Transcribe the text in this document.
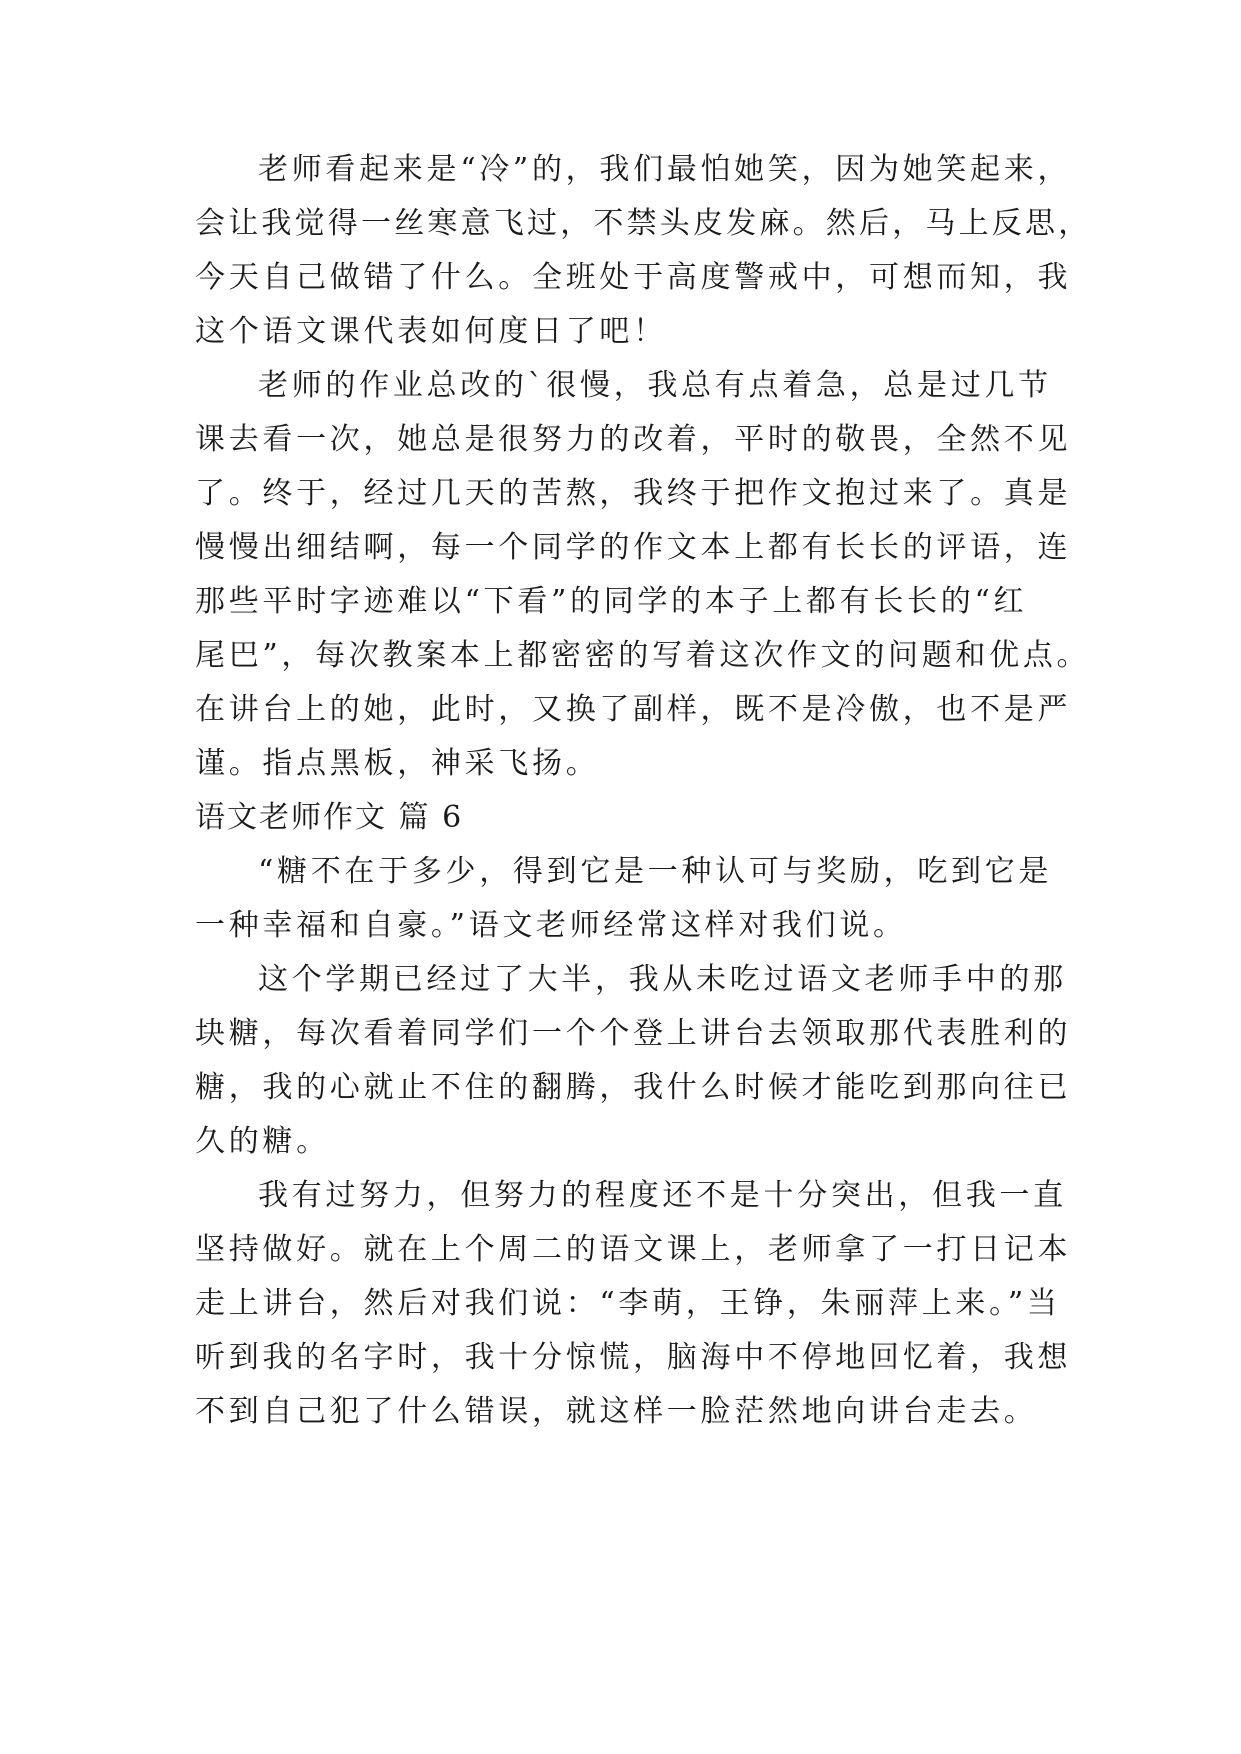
老师看起来是“冷”的，我们最怕她笑，因为她笑起来，
会让我觉得一丝寒意飞过，不禁头皮发麻。然后，马上反思，
今天自己做错了什么。全班处于高度警戒中，可想而知，我
这个语文课代表如何度日了吧！
老师的作业总改的`很慢，我总有点着急，总是过几节
课去看一次，她总是很努力的改着，平时的敬畏，全然不见
了。终于，经过几天的苦熬，我终于把作文抱过来了。真是
慢慢出细结啊，每一个同学的作文本上都有长长的评语，连
那些平时字迹难以“下看”的同学的本子上都有长长的“红
尾巴”，每次教案本上都密密的写着这次作文的问题和优点。
在讲台上的她，此时，又换了副样，既不是冷傲，也不是严
谨。指点黑板，神采飞扬。
语文老师作文 篇 6
“糖不在于多少，得到它是一种认可与奖励，吃到它是
一种幸福和自豪。”语文老师经常这样对我们说。
这个学期已经过了大半，我从未吃过语文老师手中的那
块糖，每次看着同学们一个个登上讲台去领取那代表胜利的
糖，我的心就止不住的翻腾，我什么时候才能吃到那向往已
久的糖。
我有过努力，但努力的程度还不是十分突出，但我一直
坚持做好。就在上个周二的语文课上，老师拿了一打日记本
走上讲台，然后对我们说：“李萌，王铮，朱丽萍上来。”当
听到我的名字时，我十分惊慌，脑海中不停地回忆着，我想
不到自己犯了什么错误，就这样一脸茫然地向讲台走去。
